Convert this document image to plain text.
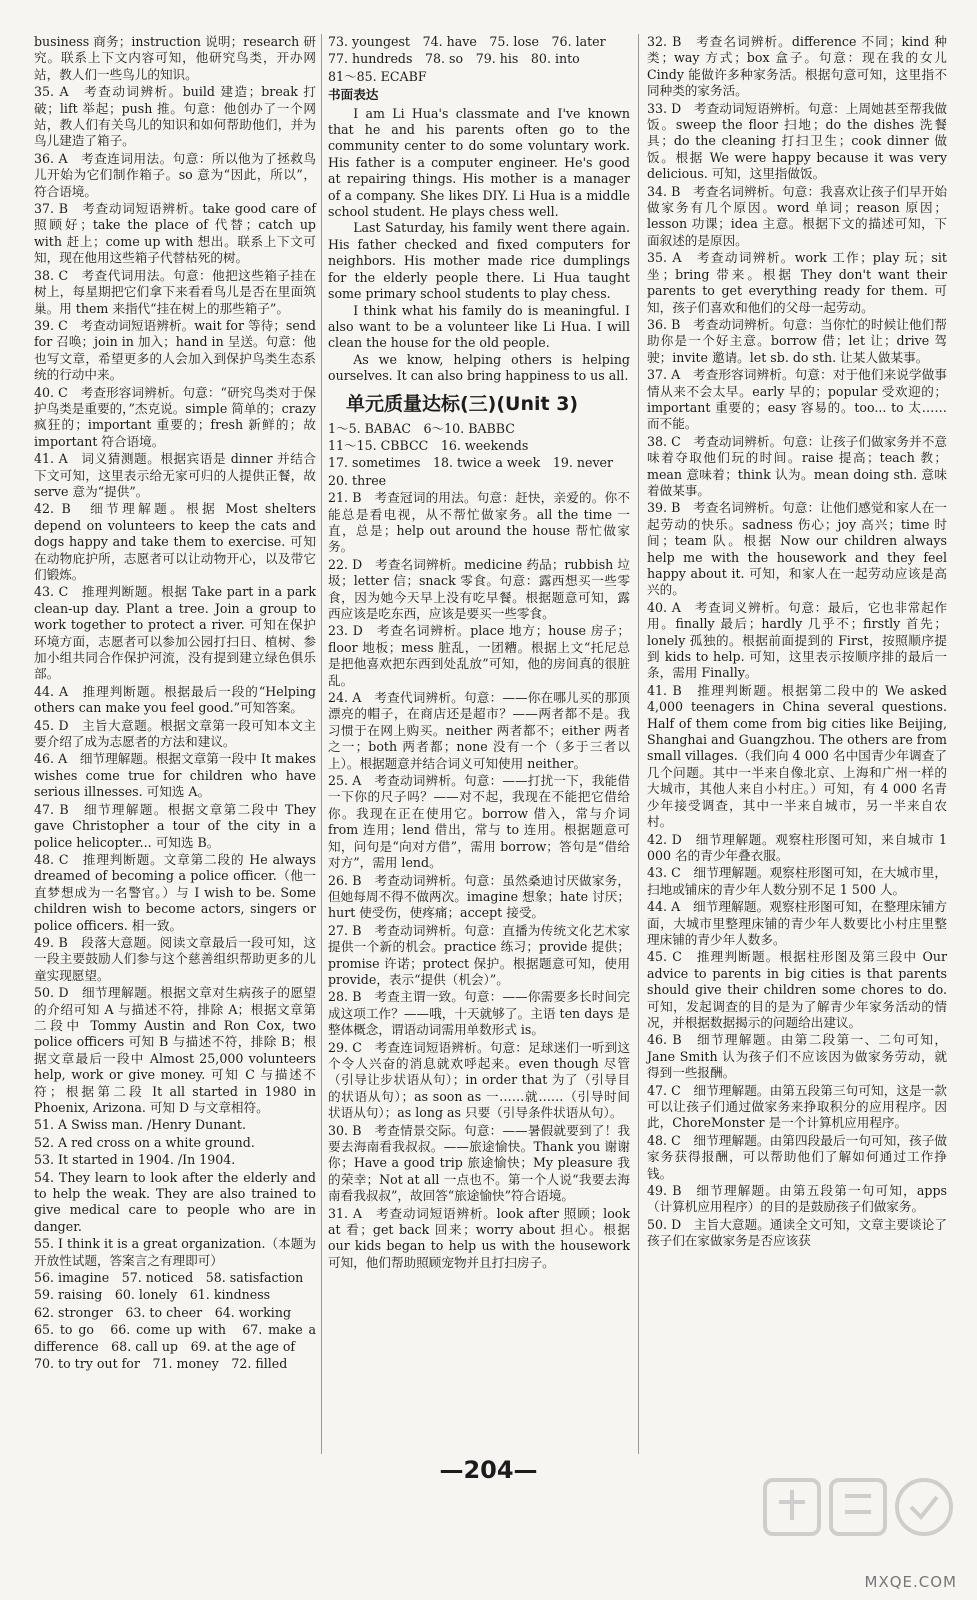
business 商务；instruction 说明；research 研究。联系上下文内容可知，他研究鸟类，开办网站，教人们一些鸟儿的知识。
35. A　考查动词辨析。build 建造；break 打破；lift 举起；push 推。句意：他创办了一个网站，教人们有关鸟儿的知识和如何帮助他们，并为鸟儿建造了箱子。
36. A　考查连词用法。句意：所以他为了拯救鸟儿开始为它们制作箱子。so 意为“因此，所以”，符合语境。
37. B　考查动词短语辨析。take good care of 照顾好；take the place of 代替；catch up with 赶上；come up with 想出。联系上下文可知，现在他用这些箱子代替枯死的树。
38. C　考查代词用法。句意：他把这些箱子挂在树上，每星期把它们拿下来看看鸟儿是否在里面筑巢。用 them 来指代“挂在树上的那些箱子”。
39. C　考查动词短语辨析。wait for 等待；send for 召唤；join in 加入；hand in 呈送。句意：他也写文章，希望更多的人会加入到保护鸟类生态系统的行动中来。
40. C　考查形容词辨析。句意：“研究鸟类对于保护鸟类是重要的，”杰克说。simple 简单的；crazy 疯狂的；important 重要的；fresh 新鲜的；故 important 符合语境。
41. A　词义猜测题。根据宾语是 dinner 并结合下文可知，这里表示给无家可归的人提供正餐，故 serve 意为“提供”。
42. B　细节理解题。根据 Most shelters depend on volunteers to keep the cats and dogs happy and take them to exercise. 可知在动物庇护所，志愿者可以让动物开心，以及带它们锻炼。
43. C　推理判断题。根据 Take part in a park clean-up day. Plant a tree. Join a group to work together to protect a river. 可知在保护环境方面，志愿者可以参加公园打扫日、植树、参加小组共同合作保护河流，没有提到建立绿色俱乐部。
44. A　推理判断题。根据最后一段的“Helping others can make you feel good.”可知答案。
45. D　主旨大意题。根据文章第一段可知本文主要介绍了成为志愿者的方法和建议。
46. A　细节理解题。根据文章第一段中 It makes wishes come true for children who have serious illnesses. 可知选 A。
47. B　细节理解题。根据文章第二段中 They gave Christopher a tour of the city in a police helicopter... 可知选 B。
48. C　推理判断题。文章第二段的 He always dreamed of becoming a police officer.（他一直梦想成为一名警官。）与 I wish to be. Some children wish to become actors, singers or police officers. 相一致。
49. B　段落大意题。阅读文章最后一段可知，这一段主要鼓励人们参与这个慈善组织帮助更多的儿童实现愿望。
50. D　细节理解题。根据文章对生病孩子的愿望的介绍可知 A 与描述不符，排除 A；根据文章第二段中 Tommy Austin and Ron Cox, two police officers 可知 B 与描述不符，排除 B；根据文章最后一段中 Almost 25,000 volunteers help, work or give money. 可知 C 与描述不符；根据第二段 It all started in 1980 in Phoenix, Arizona. 可知 D 与文章相符。
51. A Swiss man. /Henry Dunant.
52. A red cross on a white ground.
53. It started in 1904. /In 1904.
54. They learn to look after the elderly and to help the weak. They are also trained to give medical care to people who are in danger.
55. I think it is a great organization.（本题为开放性试题，答案言之有理即可）
56. imagine　57. noticed　58. satisfaction
59. raising　60. lonely　61. kindness
62. stronger　63. to cheer　64. working
65. to go　66. come up with　67. make a difference　68. call up　69. at the age of
70. to try out for　71. money　72. filled
73. youngest　74. have　75. lose　76. later
77. hundreds　78. so　79. his　80. into
81～85. ECABF
书面表达

I am Li Hua's classmate and I've known that he and his parents often go to the community center to do some voluntary work. His father is a computer engineer. He's good at repairing things. His mother is a manager of a company. She likes DIY. Li Hua is a middle school student. He plays chess well.

Last Saturday, his family went there again. His father checked and fixed computers for neighbors. His mother made rice dumplings for the elderly people there. Li Hua taught some primary school students to play chess.

I think what his family do is meaningful. I also want to be a volunteer like Li Hua. I will clean the house for the old people.

As we know, helping others is helping ourselves. It can also bring happiness to us all.

单元质量达标(三)(Unit 3)
1～5. BABAC　6～10. BABBC
11～15. CBBCC　16. weekends
17. sometimes　18. twice a week　19. never
20. three
21. B　考查冠词的用法。句意：赶快，亲爱的。你不能总是看电视，从不帮忙做家务。all the time 一直，总是；help out around the house 帮忙做家务。
22. D　考查名词辨析。medicine 药品；rubbish 垃圾；letter 信；snack 零食。句意：露西想买一些零食，因为她今天早上没有吃早餐。根据题意可知，露西应该是吃东西，应该是要买一些零食。
23. D　考查名词辨析。place 地方；house 房子；floor 地板；mess 脏乱，一团糟。根据上文“托尼总是把他喜欢把东西到处乱放”可知，他的房间真的很脏乱。
24. A　考查代词辨析。句意：——你在哪儿买的那顶漂亮的帽子，在商店还是超市？——两者都不是。我习惯于在网上购买。neither 两者都不；either 两者之一；both 两者都；none 没有一个（多于三者以上）。根据题意并结合词义可知使用 neither。
25. A　考查动词辨析。句意：——打扰一下，我能借一下你的尺子吗？——对不起，我现在不能把它借给你。我现在正在使用它。borrow 借入，常与介词 from 连用；lend 借出，常与 to 连用。根据题意可知，问句是“向对方借”，需用 borrow；答句是“借给对方”，需用 lend。
26. B　考查动词辨析。句意：虽然桑迪讨厌做家务，但她每周不得不做两次。imagine 想象；hate 讨厌；hurt 使受伤，使疼痛；accept 接受。
27. B　考查动词辨析。句意：直播为传统文化艺术家提供一个新的机会。practice 练习；provide 提供；promise 许诺；protect 保护。根据题意可知，使用 provide，表示“提供（机会）”。
28. B　考查主谓一致。句意：——你需要多长时间完成这项工作？——哦，十天就够了。主语 ten days 是整体概念，谓语动词需用单数形式 is。
29. C　考查连词短语辨析。句意：足球迷们一听到这个令人兴奋的消息就欢呼起来。even though 尽管（引导让步状语从句）；in order that 为了（引导目的状语从句）；as soon as 一……就……（引导时间状语从句）；as long as 只要（引导条件状语从句）。
30. B　考查情景交际。句意：——暑假就要到了！我要去海南看我叔叔。——旅途愉快。Thank you 谢谢你；Have a good trip 旅途愉快；My pleasure 我的荣幸；Not at all 一点也不。第一个人说“我要去海南看我叔叔”，故回答“旅途愉快”符合语境。
31. A　考查动词短语辨析。look after 照顾；look at 看；get back 回来；worry about 担心。根据 our kids began to help us with the housework 可知，他们帮助照顾宠物并且打扫房子。
32. B　考查名词辨析。difference 不同；kind 种类；way 方式；box 盒子。句意：现在我的女儿 Cindy 能做许多种家务活。根据句意可知，这里指不同种类的家务活。
33. D　考查动词短语辨析。句意：上周她甚至帮我做饭。sweep the floor 扫地；do the dishes 洗餐具；do the cleaning 打扫卫生；cook dinner 做饭。根据 We were happy because it was very delicious. 可知，这里指做饭。
34. B　考查名词辨析。句意：我喜欢让孩子们早开始做家务有几个原因。word 单词；reason 原因；lesson 功课；idea 主意。根据下文的描述可知，下面叙述的是原因。
35. A　考查动词辨析。work 工作；play 玩；sit 坐；bring 带来。根据 They don't want their parents to get everything ready for them. 可知，孩子们喜欢和他们的父母一起劳动。
36. B　考查动词辨析。句意：当你忙的时候让他们帮助你是一个好主意。borrow 借；let 让；drive 驾驶；invite 邀请。let sb. do sth. 让某人做某事。
37. A　考查形容词辨析。句意：对于他们来说学做事情从来不会太早。early 早的；popular 受欢迎的；important 重要的；easy 容易的。too... to 太……而不能。
38. C　考查动词辨析。句意：让孩子们做家务并不意味着夺取他们玩的时间。raise 提高；teach 教；mean 意味着；think 认为。mean doing sth. 意味着做某事。
39. B　考查名词辨析。句意：让他们感觉和家人在一起劳动的快乐。sadness 伤心；joy 高兴；time 时间；team 队。根据 Now our children always help me with the housework and they feel happy about it. 可知，和家人在一起劳动应该是高兴的。
40. A　考查词义辨析。句意：最后，它也非常起作用。finally 最后；hardly 几乎不；firstly 首先；lonely 孤独的。根据前面提到的 First，按照顺序提到 kids to help. 可知，这里表示按顺序排的最后一条，需用 Finally。
41. B　推理判断题。根据第二段中的 We asked 4,000 teenagers in China several questions. Half of them come from big cities like Beijing, Shanghai and Guangzhou. The others are from small villages.（我们向 4 000 名中国青少年调查了几个问题。其中一半来自像北京、上海和广州一样的大城市，其他人来自小村庄。）可知，有 4 000 名青少年接受调查，其中一半来自城市，另一半来自农村。
42. D　细节理解题。观察柱形图可知，来自城市 1 000 名的青少年叠衣服。
43. C　细节理解题。观察柱形图可知，在大城市里，扫地或铺床的青少年人数分别不足 1 500 人。
44. A　细节理解题。观察柱形图可知，在整理床铺方面，大城市里整理床铺的青少年人数要比小村庄里整理床铺的青少年人数多。
45. C　推理判断题。根据柱形图及第三段中 Our advice to parents in big cities is that parents should give their children some chores to do. 可知，发起调查的目的是为了解青少年家务活动的情况，并根据数据揭示的问题给出建议。
46. B　细节理解题。由第二段第一、二句可知，Jane Smith 认为孩子们不应该因为做家务劳动，就得到一些报酬。
47. C　细节理解题。由第五段第三句可知，这是一款可以让孩子们通过做家务来挣取积分的应用程序。因此，ChoreMonster 是一个计算机应用程序。
48. C　细节理解题。由第四段最后一句可知，孩子做家务获得报酬，可以帮助他们了解如何通过工作挣钱。
49. B　细节理解题。由第五段第一句可知，apps（计算机应用程序）的目的是鼓励孩子们做家务。
50. D　主旨大意题。通读全文可知，文章主要谈论了孩子们在家做家务是否应该获
—204—
MXQE.COM
